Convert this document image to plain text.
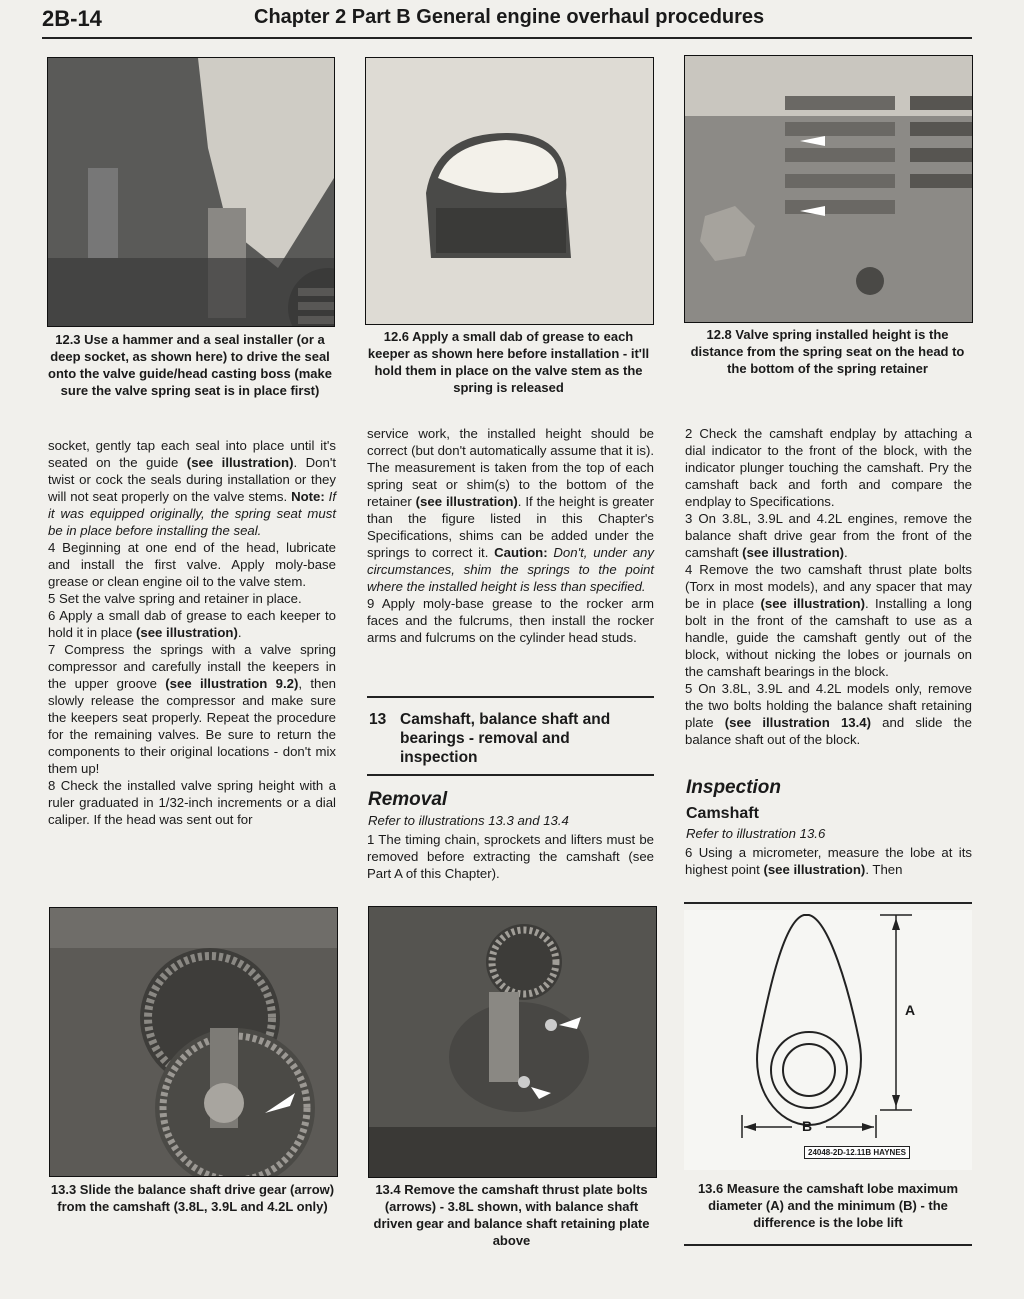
2B-14	Chapter 2 Part B General engine overhaul procedures
12.3 Use a hammer and a seal installer (or a deep socket, as shown here) to drive the seal onto the valve guide/head casting boss (make sure the valve spring seat is in place first)
12.6 Apply a small dab of grease to each keeper as shown here before installation - it'll hold them in place on the valve stem as the spring is released
12.8 Valve spring installed height is the distance from the spring seat on the head to the bottom of the spring retainer

socket, gently tap each seal into place until it's seated on the guide (see illustration). Don't twist or cock the seals during installation or they will not seat properly on the valve stems. Note: If it was equipped originally, the spring seat must be in place before installing the seal.

4 Beginning at one end of the head, lubricate and install the first valve. Apply moly-base grease or clean engine oil to the valve stem.

5 Set the valve spring and retainer in place.

6 Apply a small dab of grease to each keeper to hold it in place (see illustration).

7 Compress the springs with a valve spring compressor and carefully install the keepers in the upper groove (see illustration 9.2), then slowly release the compressor and make sure the keepers seat properly. Repeat the procedure for the remaining valves. Be sure to return the components to their original locations - don't mix them up!

8 Check the installed valve spring height with a ruler graduated in 1/32-inch increments or a dial caliper. If the head was sent out for

service work, the installed height should be correct (but don't automatically assume that it is). The measurement is taken from the top of each spring seat or shim(s) to the bottom of the retainer (see illustration). If the height is greater than the figure listed in this Chapter's Specifications, shims can be added under the springs to correct it. Caution: Don't, under any circumstances, shim the springs to the point where the installed height is less than specified.

9 Apply moly-base grease to the rocker arm faces and the fulcrums, then install the rocker arms and fulcrums on the cylinder head studs.

13 Camshaft, balance shaft and bearings - removal and inspection
Removal
Refer to illustrations 13.3 and 13.4

1 The timing chain, sprockets and lifters must be removed before extracting the camshaft (see Part A of this Chapter).

2 Check the camshaft endplay by attaching a dial indicator to the front of the block, with the indicator plunger touching the camshaft. Pry the camshaft back and forth and compare the endplay to Specifications.

3 On 3.8L, 3.9L and 4.2L engines, remove the balance shaft drive gear from the front of the camshaft (see illustration).

4 Remove the two camshaft thrust plate bolts (Torx in most models), and any spacer that may be in place (see illustration). Installing a long bolt in the front of the camshaft to use as a handle, guide the camshaft gently out of the block, without nicking the lobes or journals on the camshaft bearings in the block.

5 On 3.8L, 3.9L and 4.2L models only, remove the two bolts holding the balance shaft retaining plate (see illustration 13.4) and slide the balance shaft out of the block.

Inspection
Camshaft
Refer to illustration 13.6

6 Using a micrometer, measure the lobe at its highest point (see illustration). Then

13.3 Slide the balance shaft drive gear (arrow) from the camshaft (3.8L, 3.9L and 4.2L only)
13.4 Remove the camshaft thrust plate bolts (arrows) - 3.8L shown, with balance shaft driven gear and balance shaft retaining plate above
A
B
24048-2D-12.11B HAYNES
13.6 Measure the camshaft lobe maximum diameter (A) and the minimum (B) - the difference is the lobe lift
